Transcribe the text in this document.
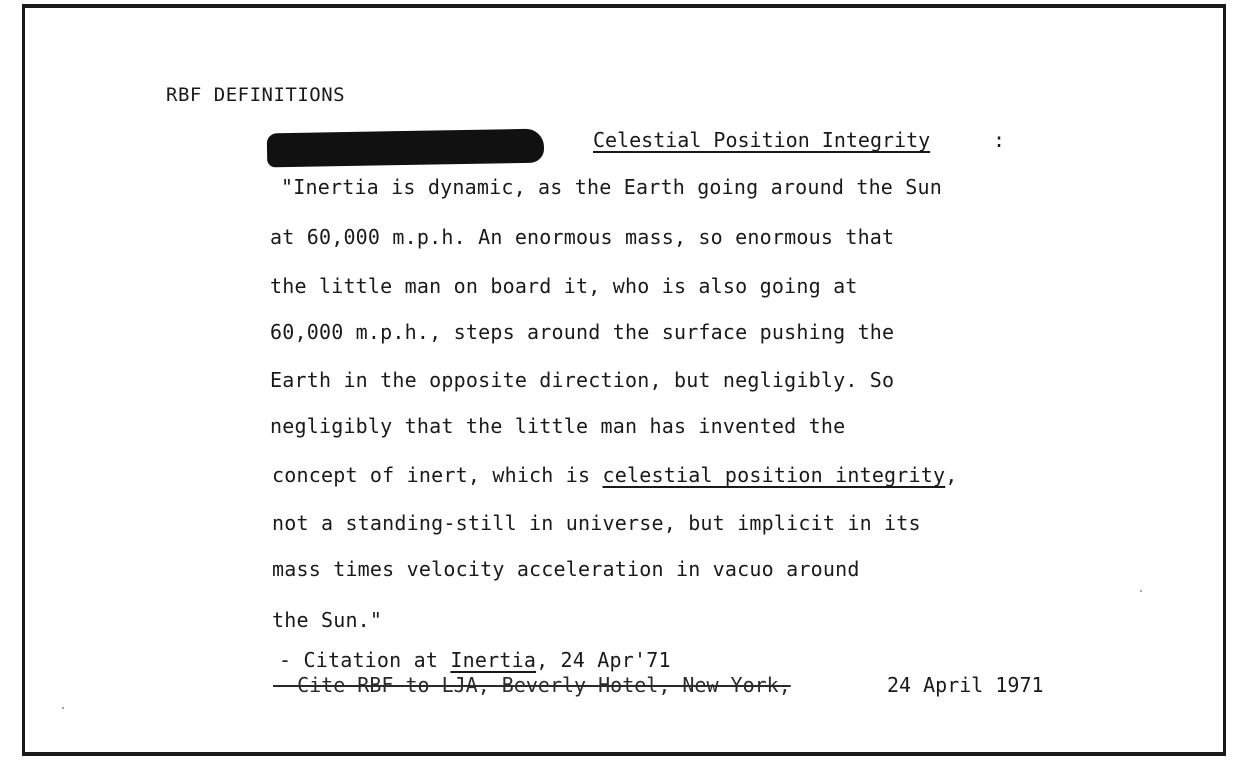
RBF DEFINITIONS
Celestial Position Integrity	:
"Inertia is dynamic, as the Earth going around the Sun
at 60,000 m.p.h. An enormous mass, so enormous that
the little man on board it, who is also going at
60,000 m.p.h., steps around the surface pushing the
Earth in the opposite direction, but negligibly. So
negligibly that the little man has invented the
concept of inert, which is celestial position integrity,
not a standing-still in universe, but implicit in its
mass times velocity acceleration in vacuo around
the Sun."
- Citation at Inertia, 24 Apr'71
- Cite RBF to LJA, Beverly Hotel, New York,	24 April 1971
